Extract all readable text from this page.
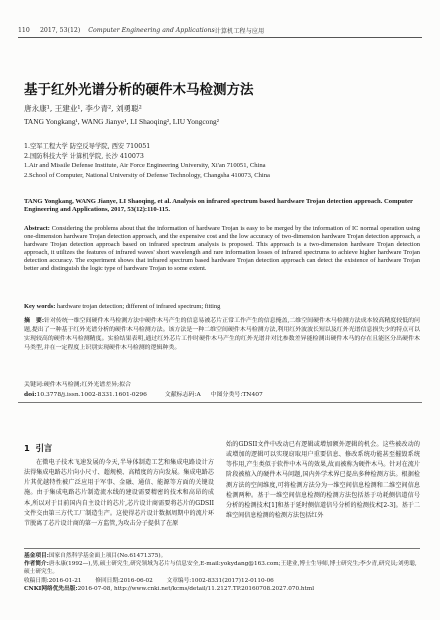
110	2017, 53(12) Computer Engineering and Applications 计算机工程与应用
基于红外光谱分析的硬件木马检测方法
唐永康¹, 王建业¹, 李少青², 刘勇聪²
TANG Yongkang¹, WANG Jianye¹, LI Shaoqing², LIU Yongcong²
1.空军工程大学 防空反导学院, 西安 710051
2.国防科技大学 计算机学院, 长沙 410073
1.Air and Missile Defense Institute, Air Force Engineering University, Xi'an 710051, China
2.School of Computer, National University of Defense Technology, Changsha 410073, China
TANG Yongkang, WANG Jianye, LI Shaoqing, et al. Analysis on infrared spectrum based hardware Trojan detection approach. Computer Engineering and Applications, 2017, 53(12):110-115.
Abstract: Considering the problems about that the information of hardware Trojan is easy to be merged by the information of IC normal operation using one-dimension hardware Trojan detection approach, and the expensive cost and the low accuracy of two-dimension hardware Trojan detection approach, a hardware Trojan detection approach based on infrared spectrum analysis is proposed. This approach is a two-dimension hardware Trojan detection approach, it utilizes the features of infrared waves' short wavelength and rare information losses of infrared spectrums to achieve higher hardware Trojan detection accuracy. The experiment shows that infrared spectrum based hardware Trojan detection approach can detect the existence of hardware Trojan better and distinguish the logic type of hardware Trojan to some extent.
Key words: hardware trojan detection; different of infrared spectrum; fitting
摘　要:针对传统一维空间硬件木马检测方法中硬件木马产生的信息易被芯片正常工作产生的信息掩盖,二维空间硬件木马检测方法成本较高精度较低的问题,提出了一种基于红外光谱分析的硬件木马检测方法。该方法是一种二维空间硬件木马检测方法,利用红外波波长短以及红外光谱信息损失少的特点可以实现较高的硬件木马检测精度。实验结果表明,通过红外芯片工作时硬件木马产生的红外光谱并对比参数差异能检测出硬件木马的存在且能区分出硬件木马类型,并在一定程度上识别实现硬件木马检测的逻辑种类。
关键词:硬件木马检测;红外光谱差异;拟合
doi:10.3778/j.issn.1002-8331.1601-0296	文献标志码:A 中图分类号:TN407
1 引言
在微电子技术飞速发展的今天,半导体制造工艺和集成电路设计方法得集成电路芯片向小尺寸、超规模、高精度的方向发展。集成电路芯片其优越特性被广泛应用于军事、金融、通信、能源等方面的关键设施。由于集成电路芯片制造流水线的建设需要精密的技术和高昂的成本,所以对于目前国内自主设计的芯片,芯片设计商需要将芯片的GDSII文件交由第三方代工厂制造生产。这使得芯片设计数据周期中的流片环节脱离了芯片设计商的第一方监管,为攻击分子提供了在原
始的GDSII文件中改动已有逻辑或增加额外逻辑的机会。这些被改动的或增加的逻辑可以实现窃取用户重要信息、修改系统功能甚至摧毁系统等作用,产生类似于软件中木马的效果,故而被称为硬件木马。针对在流片阶段被植入的硬件木马问题,国内外学术界已提出多种检测方法。根据检测方法的空间维度,可将检测方法分为一维空间信息检测和二维空间信息检测两种。基于一维空间信息检测的检测方法包括基于功耗侧信道信号分析的检测技术[1]和基于延时侧信道信号分析的检测技术[2-3]。基于二维空间信息检测的检测方法包括红外
基金项目:国家自然科学基金面上项目(No.61471375)。
作者简介:唐永康(1992—),男,硕士研究生,研究领域为芯片与信息安全,E-mail:yokydang@163.com;王建业,博士生导师,博士研究生;李少青,研究员;刘勇聪,硕士研究生。
收稿日期:2016-01-21 修回日期:2016-06-02 文章编号:1002-8331(2017)12-0110-06
CNKI网络优先出版:2016-07-08, http://www.cnki.net/kcms/detail/11.2127.TP.20160708.2027.070.html
